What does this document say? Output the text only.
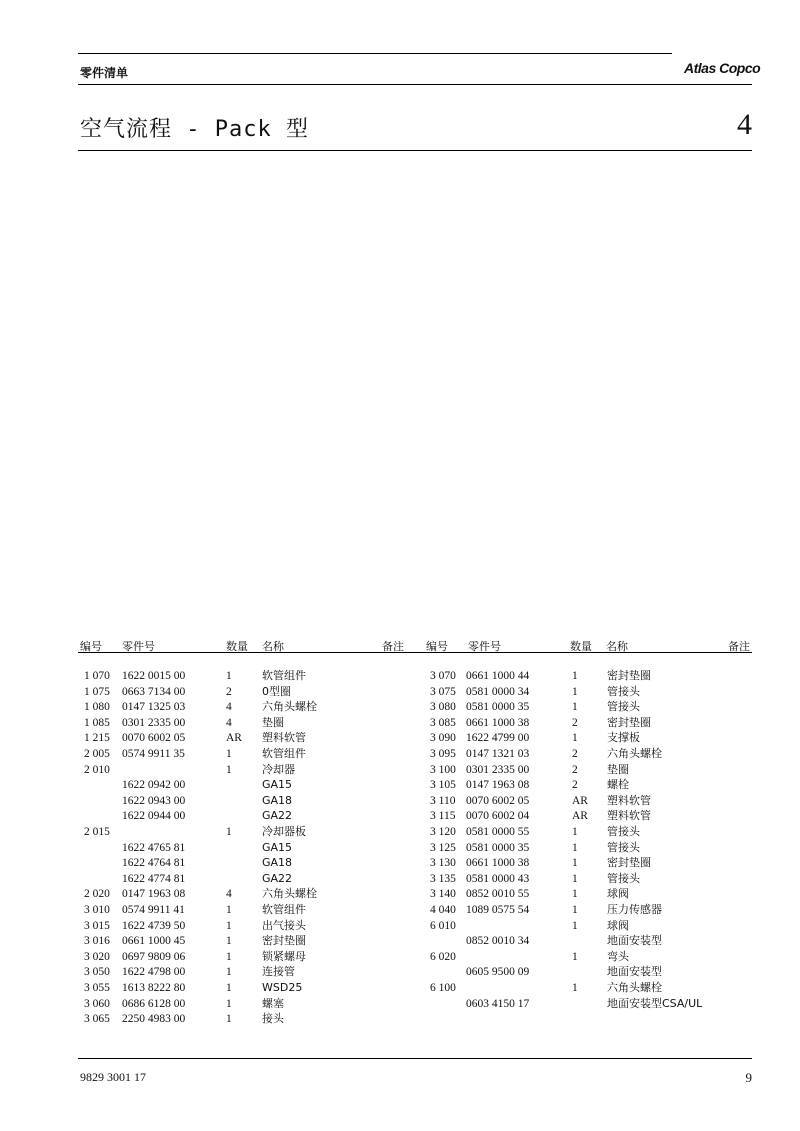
零件清单	Atlas Copco
空气流程 - Pack 型	4
编号 零件号	数量 名称	备注 编号 零件号	数量 名称	备注
1 070 1622 0015 00	1	软管组件
1 075 0663 7134 00	2	0型圈
1 080 0147 1325 03	4	六角头螺栓
1 085 0301 2335 00	4	垫圈
1 215 0070 6002 05	AR 塑料软管
2 005 0574 9911 35	1	软管组件
2 010	1	冷却器
1622 0942 00	GA15
1622 0943 00	GA18
1622 0944 00	GA22
2 015	1	冷却器板
1622 4765 81	GA15
1622 4764 81	GA18
1622 4774 81	GA22
2 020 0147 1963 08	4	六角头螺栓
3 010 0574 9911 41	1	软管组件
3 015 1622 4739 50	1	出气接头
3 016 0661 1000 45	1	密封垫圈
3 020 0697 9809 06	1	锁紧螺母
3 050 1622 4798 00	1	连接管
3 055 1613 8222 80	1	WSD25
3 060 0686 6128 00	1	螺塞
3 065 2250 4983 00	1	接头
3 070 0661 1000 44	1	密封垫圈
3 075 0581 0000 34	1	管接头
3 080 0581 0000 35	1	管接头
3 085 0661 1000 38	2	密封垫圈
3 090 1622 4799 00	1	支撑板
3 095 0147 1321 03	2	六角头螺栓
3 100 0301 2335 00	2	垫圈
3 105 0147 1963 08	2	螺栓
3 110 0070 6002 05	AR 塑料软管
3 115 0070 6002 04	AR 塑料软管
3 120 0581 0000 55	1	管接头
3 125 0581 0000 35	1	管接头
3 130 0661 1000 38	1	密封垫圈
3 135 0581 0000 43	1	管接头
3 140 0852 0010 55	1	球阀
4 040 1089 0575 54	1	压力传感器
6 010	1	球阀
0852 0010 34	地面安装型
6 020	1	弯头
0605 9500 09	地面安装型
6 100	1	六角头螺栓
0603 4150 17	地面安装型CSA/UL
9829 3001 17	9
